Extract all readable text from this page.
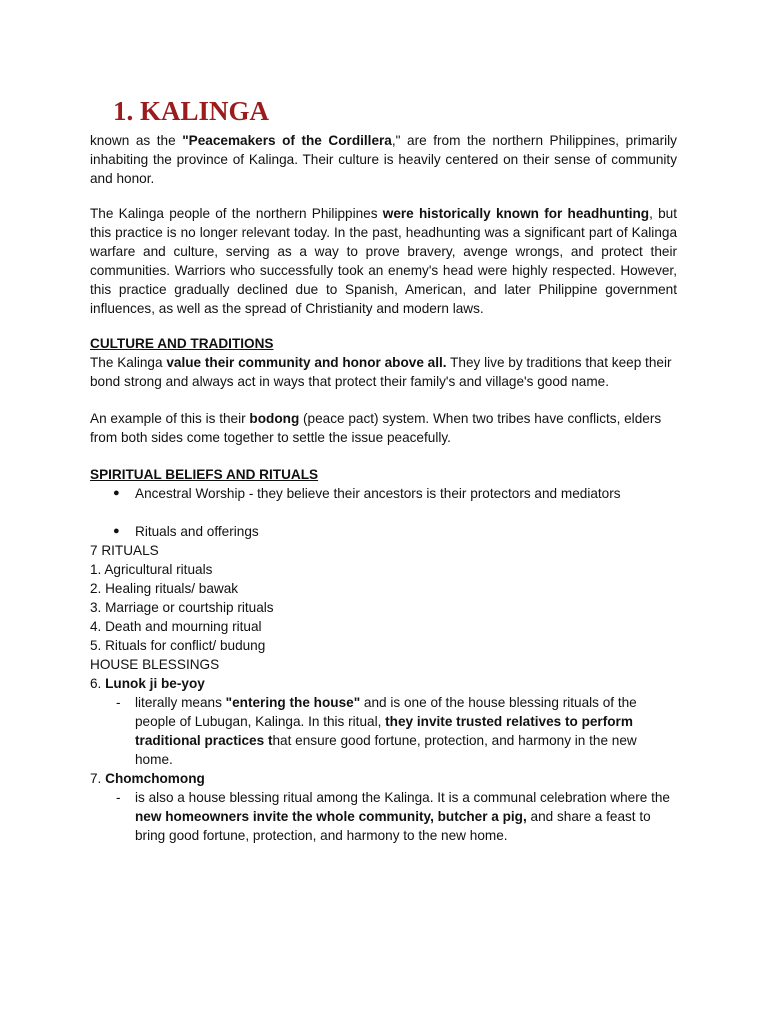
1. KALINGA

known as the "Peacemakers of the Cordillera," are from the northern Philippines, primarily inhabiting the province of Kalinga. Their culture is heavily centered on their sense of community and honor.

The Kalinga people of the northern Philippines were historically known for headhunting, but this practice is no longer relevant today. In the past, headhunting was a significant part of Kalinga warfare and culture, serving as a way to prove bravery, avenge wrongs, and protect their communities. Warriors who successfully took an enemy's head were highly respected. However, this practice gradually declined due to Spanish, American, and later Philippine government influences, as well as the spread of Christianity and modern laws.

CULTURE AND TRADITIONS

The Kalinga value their community and honor above all. They live by traditions that keep their bond strong and always act in ways that protect their family's and village's good name.

An example of this is their bodong (peace pact) system. When two tribes have conflicts, elders from both sides come together to settle the issue peacefully.

SPIRITUAL BELIEFS AND RITUALS

● Ancestral Worship - they believe their ancestors is their protectors and mediators
● Rituals and offerings

7 RITUALS

1. Agricultural rituals

2. Healing rituals/ bawak

3. Marriage or courtship rituals

4. Death and mourning ritual

5. Rituals for conflict/ budung

HOUSE BLESSINGS

6. Lunok ji be-yoy

- literally means "entering the house" and is one of the house blessing rituals of the people of Lubugan, Kalinga. In this ritual, they invite trusted relatives to perform traditional practices that ensure good fortune, protection, and harmony in the new home.

7. Chomchomong

- is also a house blessing ritual among the Kalinga. It is a communal celebration where the new homeowners invite the whole community, butcher a pig, and share a feast to bring good fortune, protection, and harmony to the new home.
